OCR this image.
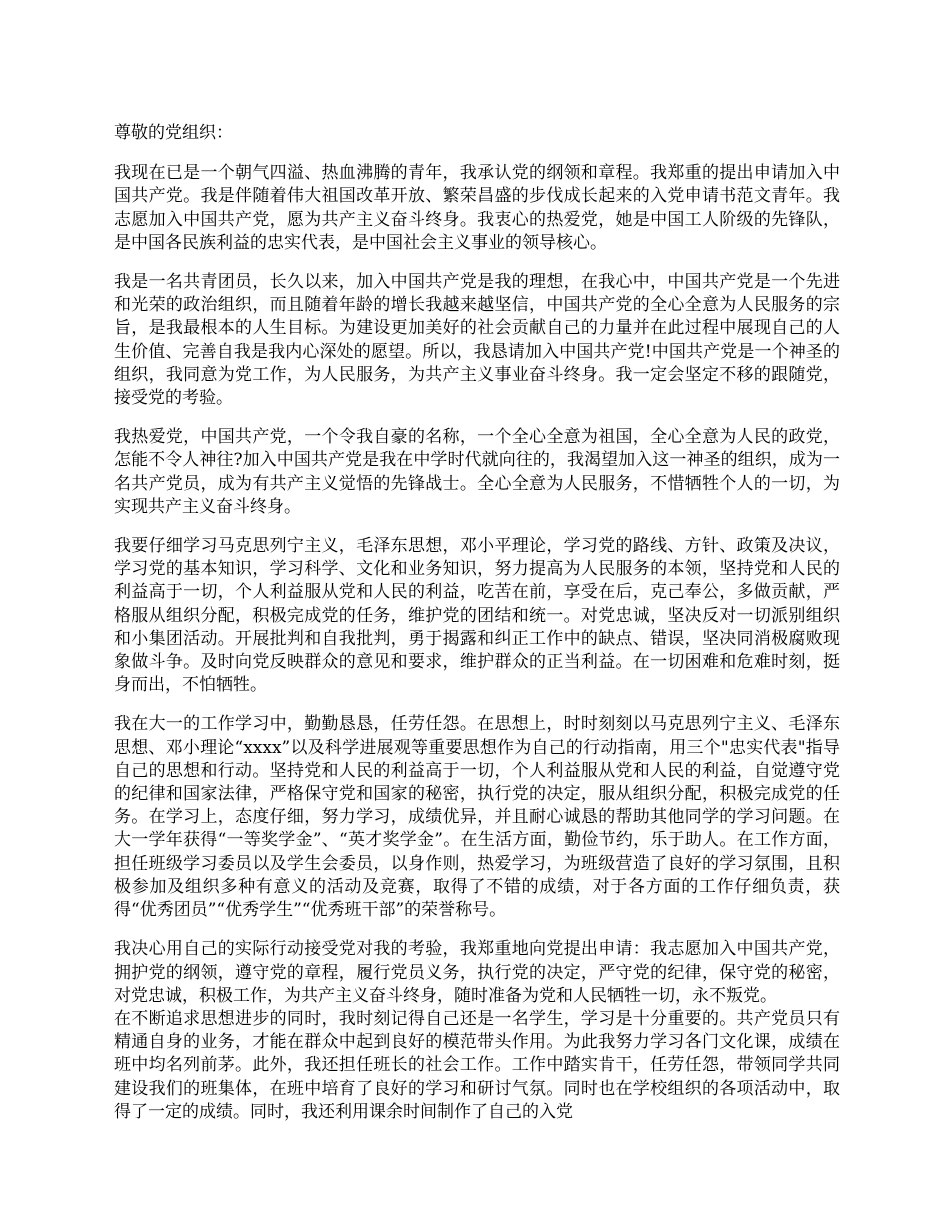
尊敬的党组织：

我现在已是一个朝气四溢、热血沸腾的青年，我承认党的纲领和章程。我郑重的提出申请加入中国共产党。我是伴随着伟大祖国改革开放、繁荣昌盛的步伐成长起来的入党申请书范文青年。我志愿加入中国共产党，愿为共产主义奋斗终身。我衷心的热爱党，她是中国工人阶级的先锋队，是中国各民族利益的忠实代表，是中国社会主义事业的领导核心。

我是一名共青团员，长久以来，加入中国共产党是我的理想，在我心中，中国共产党是一个先进和光荣的政治组织，而且随着年龄的增长我越来越坚信，中国共产党的全心全意为人民服务的宗旨，是我最根本的人生目标。为建设更加美好的社会贡献自己的力量并在此过程中展现自己的人生价值、完善自我是我内心深处的愿望。所以，我恳请加入中国共产党!中国共产党是一个神圣的组织，我同意为党工作，为人民服务，为共产主义事业奋斗终身。我一定会坚定不移的跟随党，接受党的考验。

我热爱党，中国共产党，一个令我自豪的名称，一个全心全意为祖国，全心全意为人民的政党，怎能不令人神往?加入中国共产党是我在中学时代就向往的，我渴望加入这一神圣的组织，成为一名共产党员，成为有共产主义觉悟的先锋战士。全心全意为人民服务，不惜牺牲个人的一切，为实现共产主义奋斗终身。

我要仔细学习马克思列宁主义，毛泽东思想，邓小平理论，学习党的路线、方针、政策及决议，学习党的基本知识，学习科学、文化和业务知识，努力提高为人民服务的本领，坚持党和人民的利益高于一切，个人利益服从党和人民的利益，吃苦在前，享受在后，克己奉公，多做贡献，严格服从组织分配，积极完成党的任务，维护党的团结和统一。对党忠诚，坚决反对一切派别组织和小集团活动。开展批判和自我批判，勇于揭露和纠正工作中的缺点、错误，坚决同消极腐败现象做斗争。及时向党反映群众的意见和要求，维护群众的正当利益。在一切困难和危难时刻，挺身而出，不怕牺牲。

我在大一的工作学习中，勤勤恳恳，任劳任怨。在思想上，时时刻刻以马克思列宁主义、毛泽东思想、邓小理论“xxxx”以及科学进展观等重要思想作为自己的行动指南，用三个"忠实代表"指导自己的思想和行动。坚持党和人民的利益高于一切，个人利益服从党和人民的利益，自觉遵守党的纪律和国家法律，严格保守党和国家的秘密，执行党的决定，服从组织分配，积极完成党的任务。在学习上，态度仔细，努力学习，成绩优异，并且耐心诚恳的帮助其他同学的学习问题。在大一学年获得“一等奖学金”、“英才奖学金”。在生活方面，勤俭节约，乐于助人。在工作方面，担任班级学习委员以及学生会委员，以身作则，热爱学习，为班级营造了良好的学习氛围，且积极参加及组织多种有意义的活动及竞赛，取得了不错的成绩，对于各方面的工作仔细负责，获得“优秀团员”“优秀学生”“优秀班干部”的荣誉称号。

我决心用自己的实际行动接受党对我的考验，我郑重地向党提出申请：我志愿加入中国共产党，拥护党的纲领，遵守党的章程，履行党员义务，执行党的决定，严守党的纪律，保守党的秘密，对党忠诚，积极工作，为共产主义奋斗终身，随时准备为党和人民牺牲一切，永不叛党。

在不断追求思想进步的同时，我时刻记得自己还是一名学生，学习是十分重要的。共产党员只有精通自身的业务，才能在群众中起到良好的模范带头作用。为此我努力学习各门文化课，成绩在班中均名列前茅。此外，我还担任班长的社会工作。工作中踏实肯干，任劳任怨，带领同学共同建设我们的班集体，在班中培育了良好的学习和研讨气氛。同时也在学校组织的各项活动中，取得了一定的成绩。同时，我还利用课余时间制作了自己的入党
